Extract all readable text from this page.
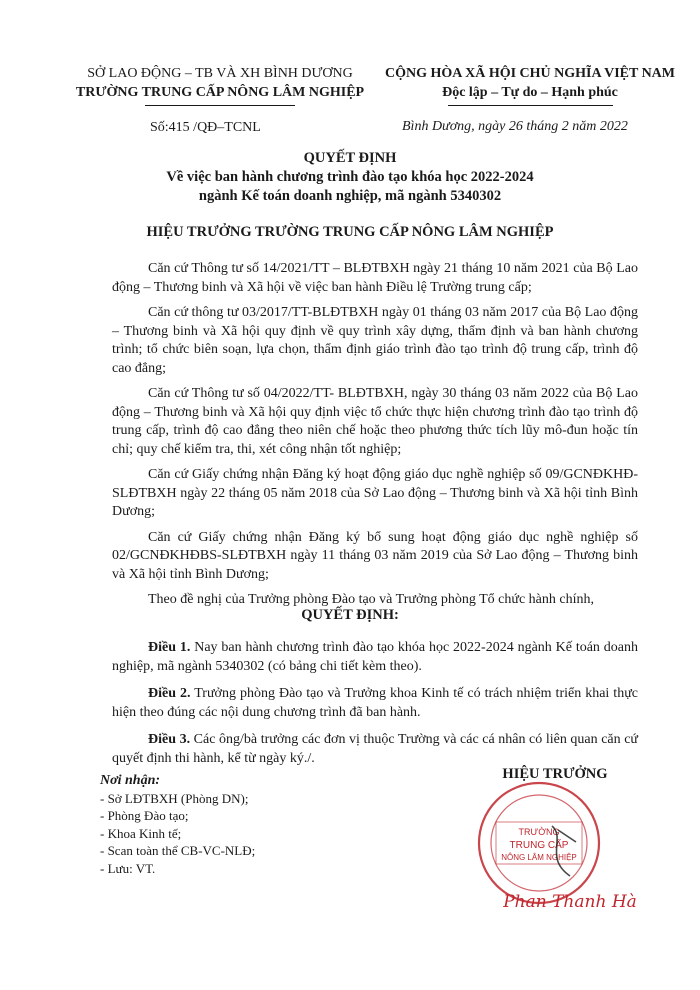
SỞ LAO ĐỘNG – TB VÀ XH BÌNH DƯƠNG
TRƯỜNG TRUNG CẤP NÔNG LÂM NGHIỆP
CỘNG HÒA XÃ HỘI CHỦ NGHĨA VIỆT NAM
Độc lập – Tự do – Hạnh phúc
Số:415 /QĐ–TCNL	Bình Dương, ngày 26 tháng 2 năm 2022
QUYẾT ĐỊNH
Về việc ban hành chương trình đào tạo khóa học 2022-2024
ngành Kế toán doanh nghiệp, mã ngành 5340302
HIỆU TRƯỞNG TRƯỜNG TRUNG CẤP NÔNG LÂM NGHIỆP

Căn cứ Thông tư số 14/2021/TT – BLĐTBXH ngày 21 tháng 10 năm 2021 của Bộ Lao động – Thương binh và Xã hội về việc ban hành Điều lệ Trường trung cấp;

Căn cứ thông tư 03/2017/TT-BLĐTBXH ngày 01 tháng 03 năm 2017 của Bộ Lao động – Thương binh và Xã hội quy định về quy trình xây dựng, thẩm định và ban hành chương trình; tổ chức biên soạn, lựa chọn, thẩm định giáo trình đào tạo trình độ trung cấp, trình độ cao đẳng;

Căn cứ Thông tư số 04/2022/TT- BLĐTBXH, ngày 30 tháng 03 năm 2022 của Bộ Lao động – Thương binh và Xã hội quy định việc tổ chức thực hiện chương trình đào tạo trình độ trung cấp, trình độ cao đẳng theo niên chế hoặc theo phương thức tích lũy mô-đun hoặc tín chỉ; quy chế kiểm tra, thi, xét công nhận tốt nghiệp;

Căn cứ Giấy chứng nhận Đăng ký hoạt động giáo dục nghề nghiệp số 09/GCNĐKHĐ-SLĐTBXH ngày 22 tháng 05 năm 2018 của Sở Lao động – Thương binh và Xã hội tỉnh Bình Dương;

Căn cứ Giấy chứng nhận Đăng ký bổ sung hoạt động giáo dục nghề nghiệp số 02/GCNĐKHĐBS-SLĐTBXH ngày 11 tháng 03 năm 2019 của Sở Lao động – Thương binh và Xã hội tỉnh Bình Dương;

Theo đề nghị của Trưởng phòng Đào tạo và Trưởng phòng Tổ chức hành chính,

QUYẾT ĐỊNH:

Điều 1. Nay ban hành chương trình đào tạo khóa học 2022-2024 ngành Kế toán doanh nghiệp, mã ngành 5340302 (có bảng chi tiết kèm theo).

Điều 2. Trưởng phòng Đào tạo và Trưởng khoa Kinh tế có trách nhiệm triển khai thực hiện theo đúng các nội dung chương trình đã ban hành.

Điều 3. Các ông/bà trưởng các đơn vị thuộc Trường và các cá nhân có liên quan căn cứ quyết định thi hành, kể từ ngày ký./.

Nơi nhận:
- Sở LĐTBXH (Phòng DN);
- Phòng Đào tạo;
- Khoa Kinh tế;
- Scan toàn thể CB-VC-NLĐ;
- Lưu: VT.
HIỆU TRƯỞNG
TRƯỜNG
TRUNG CẤP
NÔNG LÂM NGHIỆP
Phan Thanh Hà
